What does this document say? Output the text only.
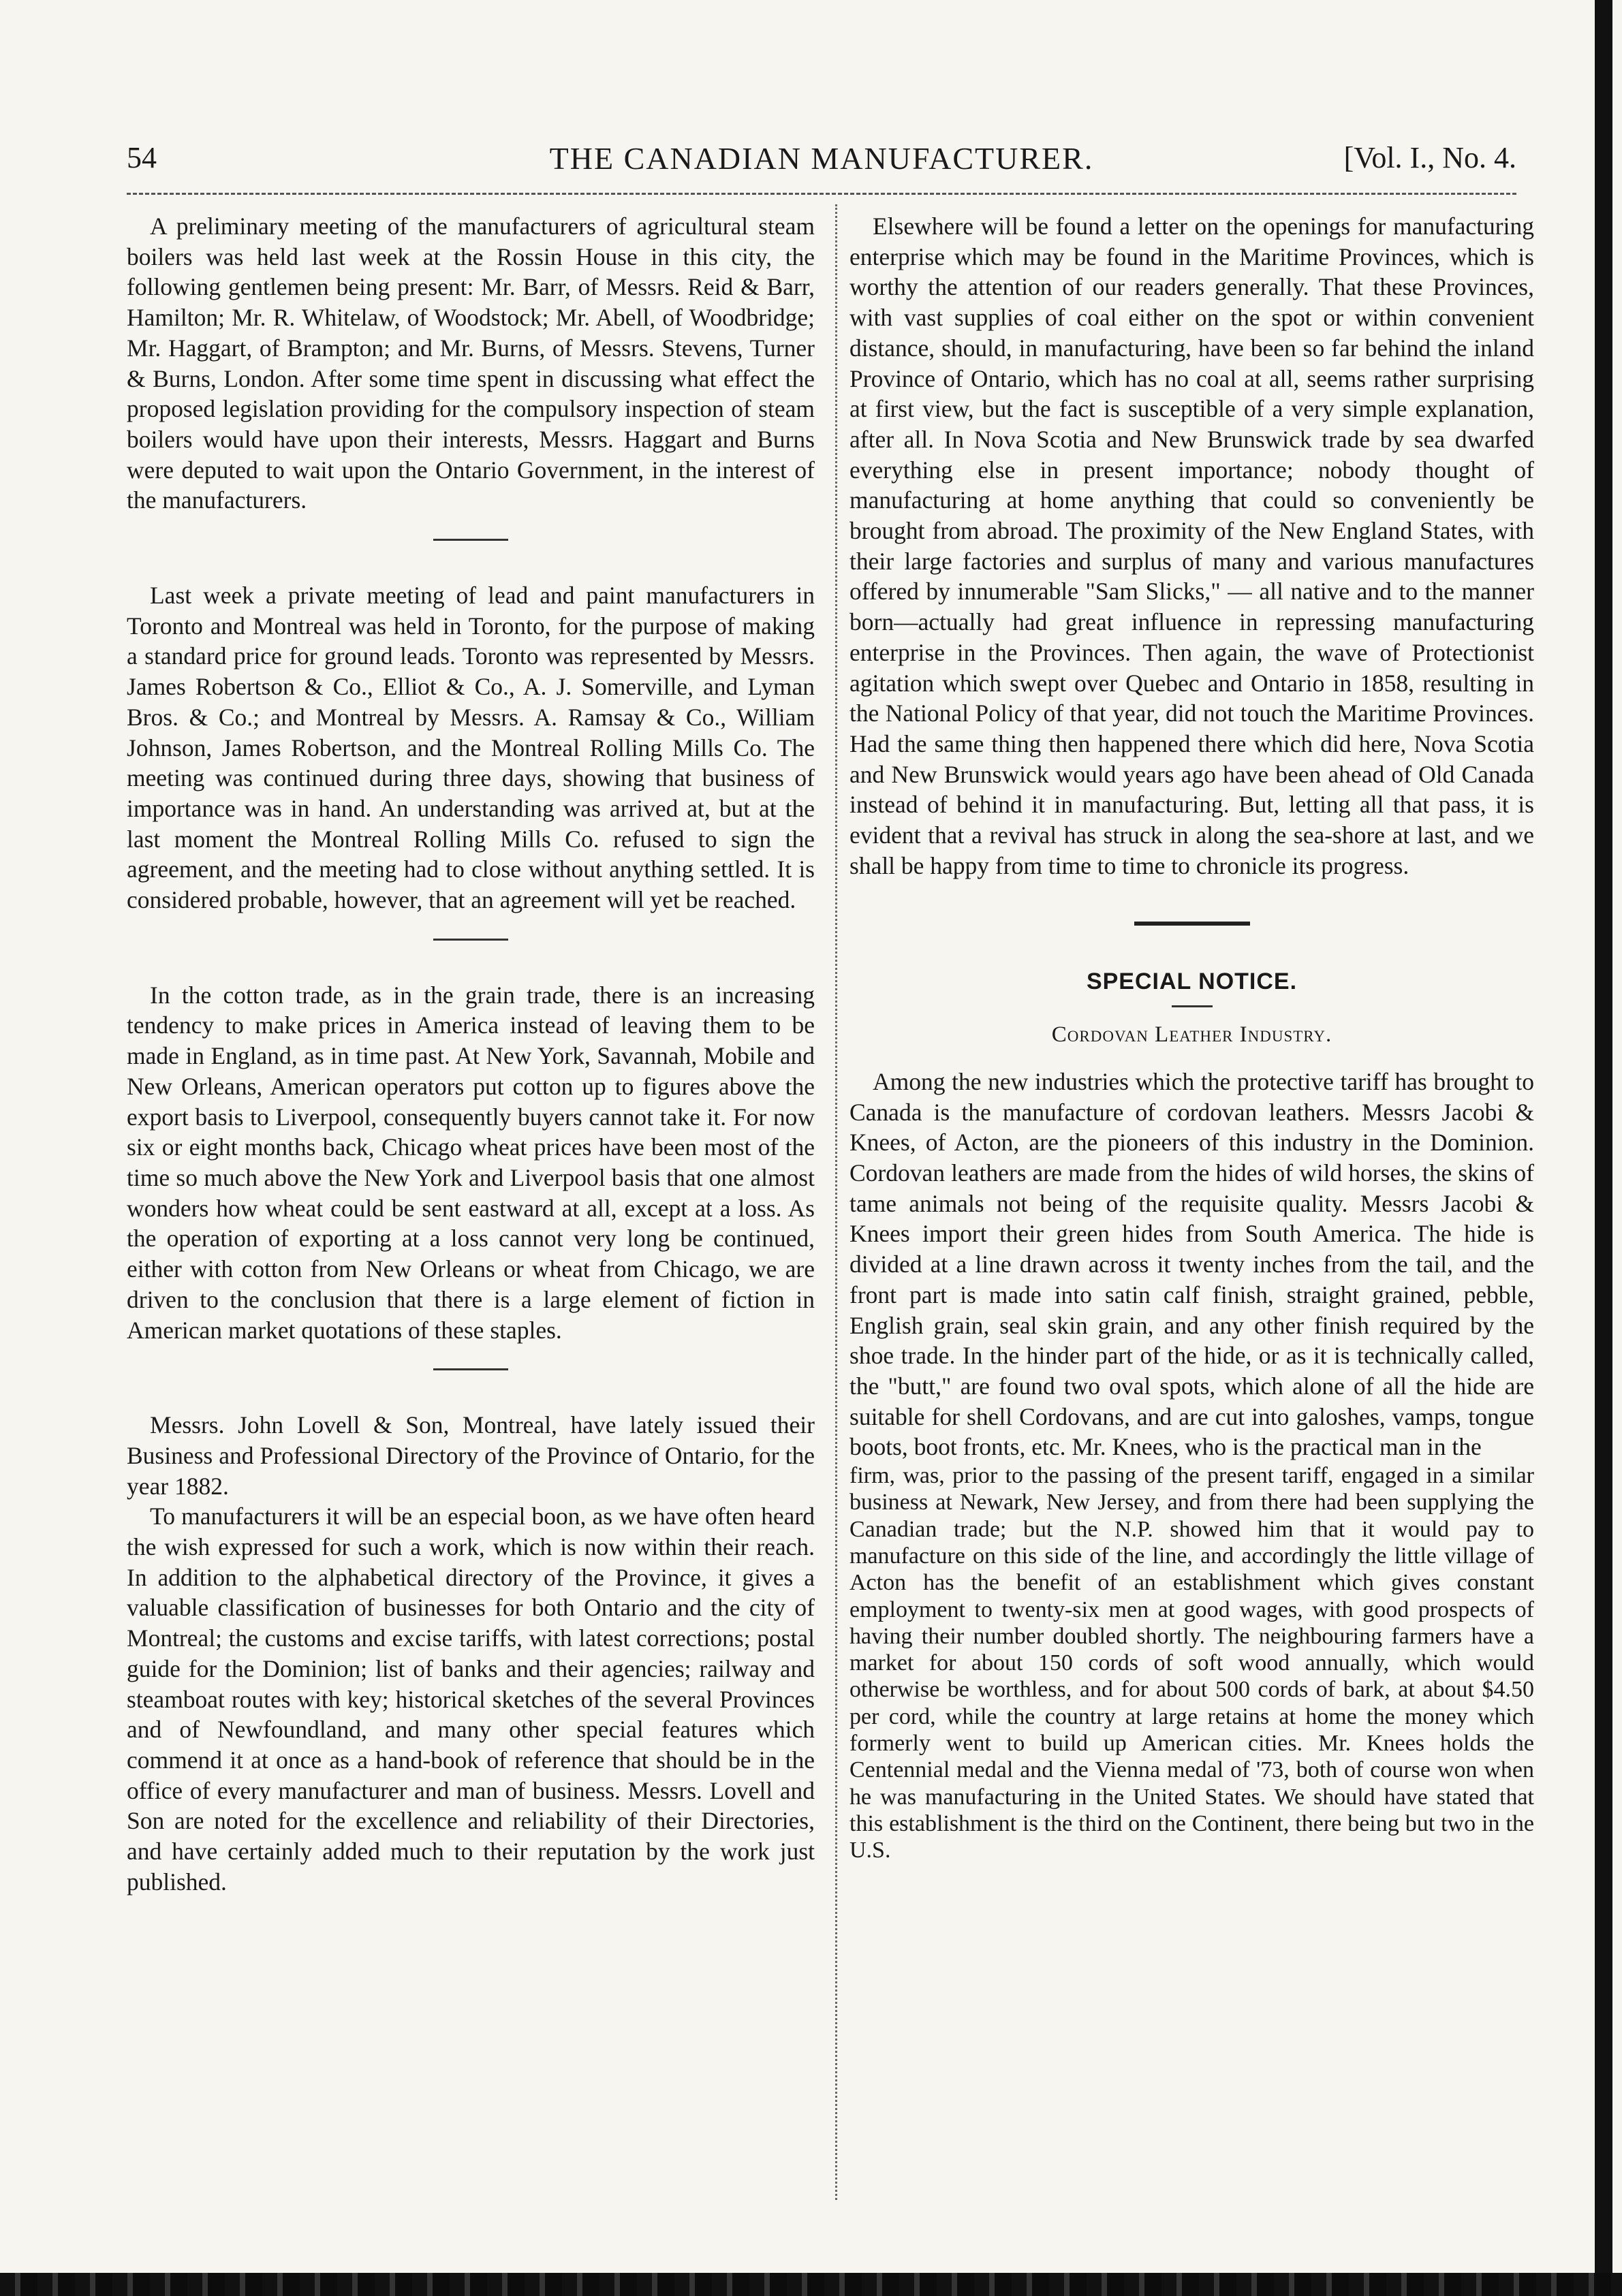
54	THE CANADIAN MANUFACTURER.	[Vol. I., No. 4.

A preliminary meeting of the manufacturers of agricultural steam boilers was held last week at the Rossin House in this city, the following gentlemen being present: Mr. Barr, of Messrs. Reid & Barr, Hamilton; Mr. R. Whitelaw, of Woodstock; Mr. Abell, of Woodbridge; Mr. Haggart, of Brampton; and Mr. Burns, of Messrs. Stevens, Turner & Burns, London. After some time spent in discussing what effect the proposed legislation providing for the compulsory inspection of steam boilers would have upon their interests, Messrs. Haggart and Burns were deputed to wait upon the Ontario Government, in the interest of the manufacturers.

Last week a private meeting of lead and paint manufacturers in Toronto and Montreal was held in Toronto, for the purpose of making a standard price for ground leads. Toronto was represented by Messrs. James Robertson & Co., Elliot & Co., A. J. Somerville, and Lyman Bros. & Co.; and Montreal by Messrs. A. Ramsay & Co., William Johnson, James Robertson, and the Montreal Rolling Mills Co. The meeting was continued during three days, showing that business of importance was in hand. An understanding was arrived at, but at the last moment the Montreal Rolling Mills Co. refused to sign the agreement, and the meeting had to close without anything settled. It is considered probable, however, that an agreement will yet be reached.

In the cotton trade, as in the grain trade, there is an increasing tendency to make prices in America instead of leaving them to be made in England, as in time past. At New York, Savannah, Mobile and New Orleans, American operators put cotton up to figures above the export basis to Liverpool, consequently buyers cannot take it. For now six or eight months back, Chicago wheat prices have been most of the time so much above the New York and Liverpool basis that one almost wonders how wheat could be sent eastward at all, except at a loss. As the operation of exporting at a loss cannot very long be continued, either with cotton from New Orleans or wheat from Chicago, we are driven to the conclusion that there is a large element of fiction in American market quotations of these staples.

Messrs. John Lovell & Son, Montreal, have lately issued their Business and Professional Directory of the Province of Ontario, for the year 1882.

To manufacturers it will be an especial boon, as we have often heard the wish expressed for such a work, which is now within their reach. In addition to the alphabetical directory of the Province, it gives a valuable classification of businesses for both Ontario and the city of Montreal; the customs and excise tariffs, with latest corrections; postal guide for the Dominion; list of banks and their agencies; railway and steamboat routes with key; historical sketches of the several Provinces and of Newfoundland, and many other special features which commend it at once as a hand-book of reference that should be in the office of every manufacturer and man of business. Messrs. Lovell and Son are noted for the excellence and reliability of their Directories, and have certainly added much to their reputation by the work just published.

Elsewhere will be found a letter on the openings for manufacturing enterprise which may be found in the Maritime Provinces, which is worthy the attention of our readers generally. That these Provinces, with vast supplies of coal either on the spot or within convenient distance, should, in manufacturing, have been so far behind the inland Province of Ontario, which has no coal at all, seems rather surprising at first view, but the fact is susceptible of a very simple explanation, after all. In Nova Scotia and New Brunswick trade by sea dwarfed everything else in present importance; nobody thought of manufacturing at home anything that could so conveniently be brought from abroad. The proximity of the New England States, with their large factories and surplus of many and various manufactures offered by innumerable "Sam Slicks," — all native and to the manner born—actually had great influence in repressing manufacturing enterprise in the Provinces. Then again, the wave of Protectionist agitation which swept over Quebec and Ontario in 1858, resulting in the National Policy of that year, did not touch the Maritime Provinces. Had the same thing then happened there which did here, Nova Scotia and New Brunswick would years ago have been ahead of Old Canada instead of behind it in manufacturing. But, letting all that pass, it is evident that a revival has struck in along the sea-shore at last, and we shall be happy from time to time to chronicle its progress.

SPECIAL NOTICE.
Cordovan Leather Industry.

Among the new industries which the protective tariff has brought to Canada is the manufacture of cordovan leathers. Messrs Jacobi & Knees, of Acton, are the pioneers of this industry in the Dominion. Cordovan leathers are made from the hides of wild horses, the skins of tame animals not being of the requisite quality. Messrs Jacobi & Knees import their green hides from South America. The hide is divided at a line drawn across it twenty inches from the tail, and the front part is made into satin calf finish, straight grained, pebble, English grain, seal skin grain, and any other finish required by the shoe trade. In the hinder part of the hide, or as it is technically called, the "butt," are found two oval spots, which alone of all the hide are suitable for shell Cordovans, and are cut into galoshes, vamps, tongue boots, boot fronts, etc. Mr. Knees, who is the practical man in the

firm, was, prior to the passing of the present tariff, engaged in a similar business at Newark, New Jersey, and from there had been supplying the Canadian trade; but the N.P. showed him that it would pay to manufacture on this side of the line, and accordingly the little village of Acton has the benefit of an establishment which gives constant employment to twenty-six men at good wages, with good prospects of having their number doubled shortly. The neighbouring farmers have a market for about 150 cords of soft wood annually, which would otherwise be worthless, and for about 500 cords of bark, at about $4.50 per cord, while the country at large retains at home the money which formerly went to build up American cities. Mr. Knees holds the Centennial medal and the Vienna medal of '73, both of course won when he was manufacturing in the United States. We should have stated that this establishment is the third on the Continent, there being but two in the U.S.
